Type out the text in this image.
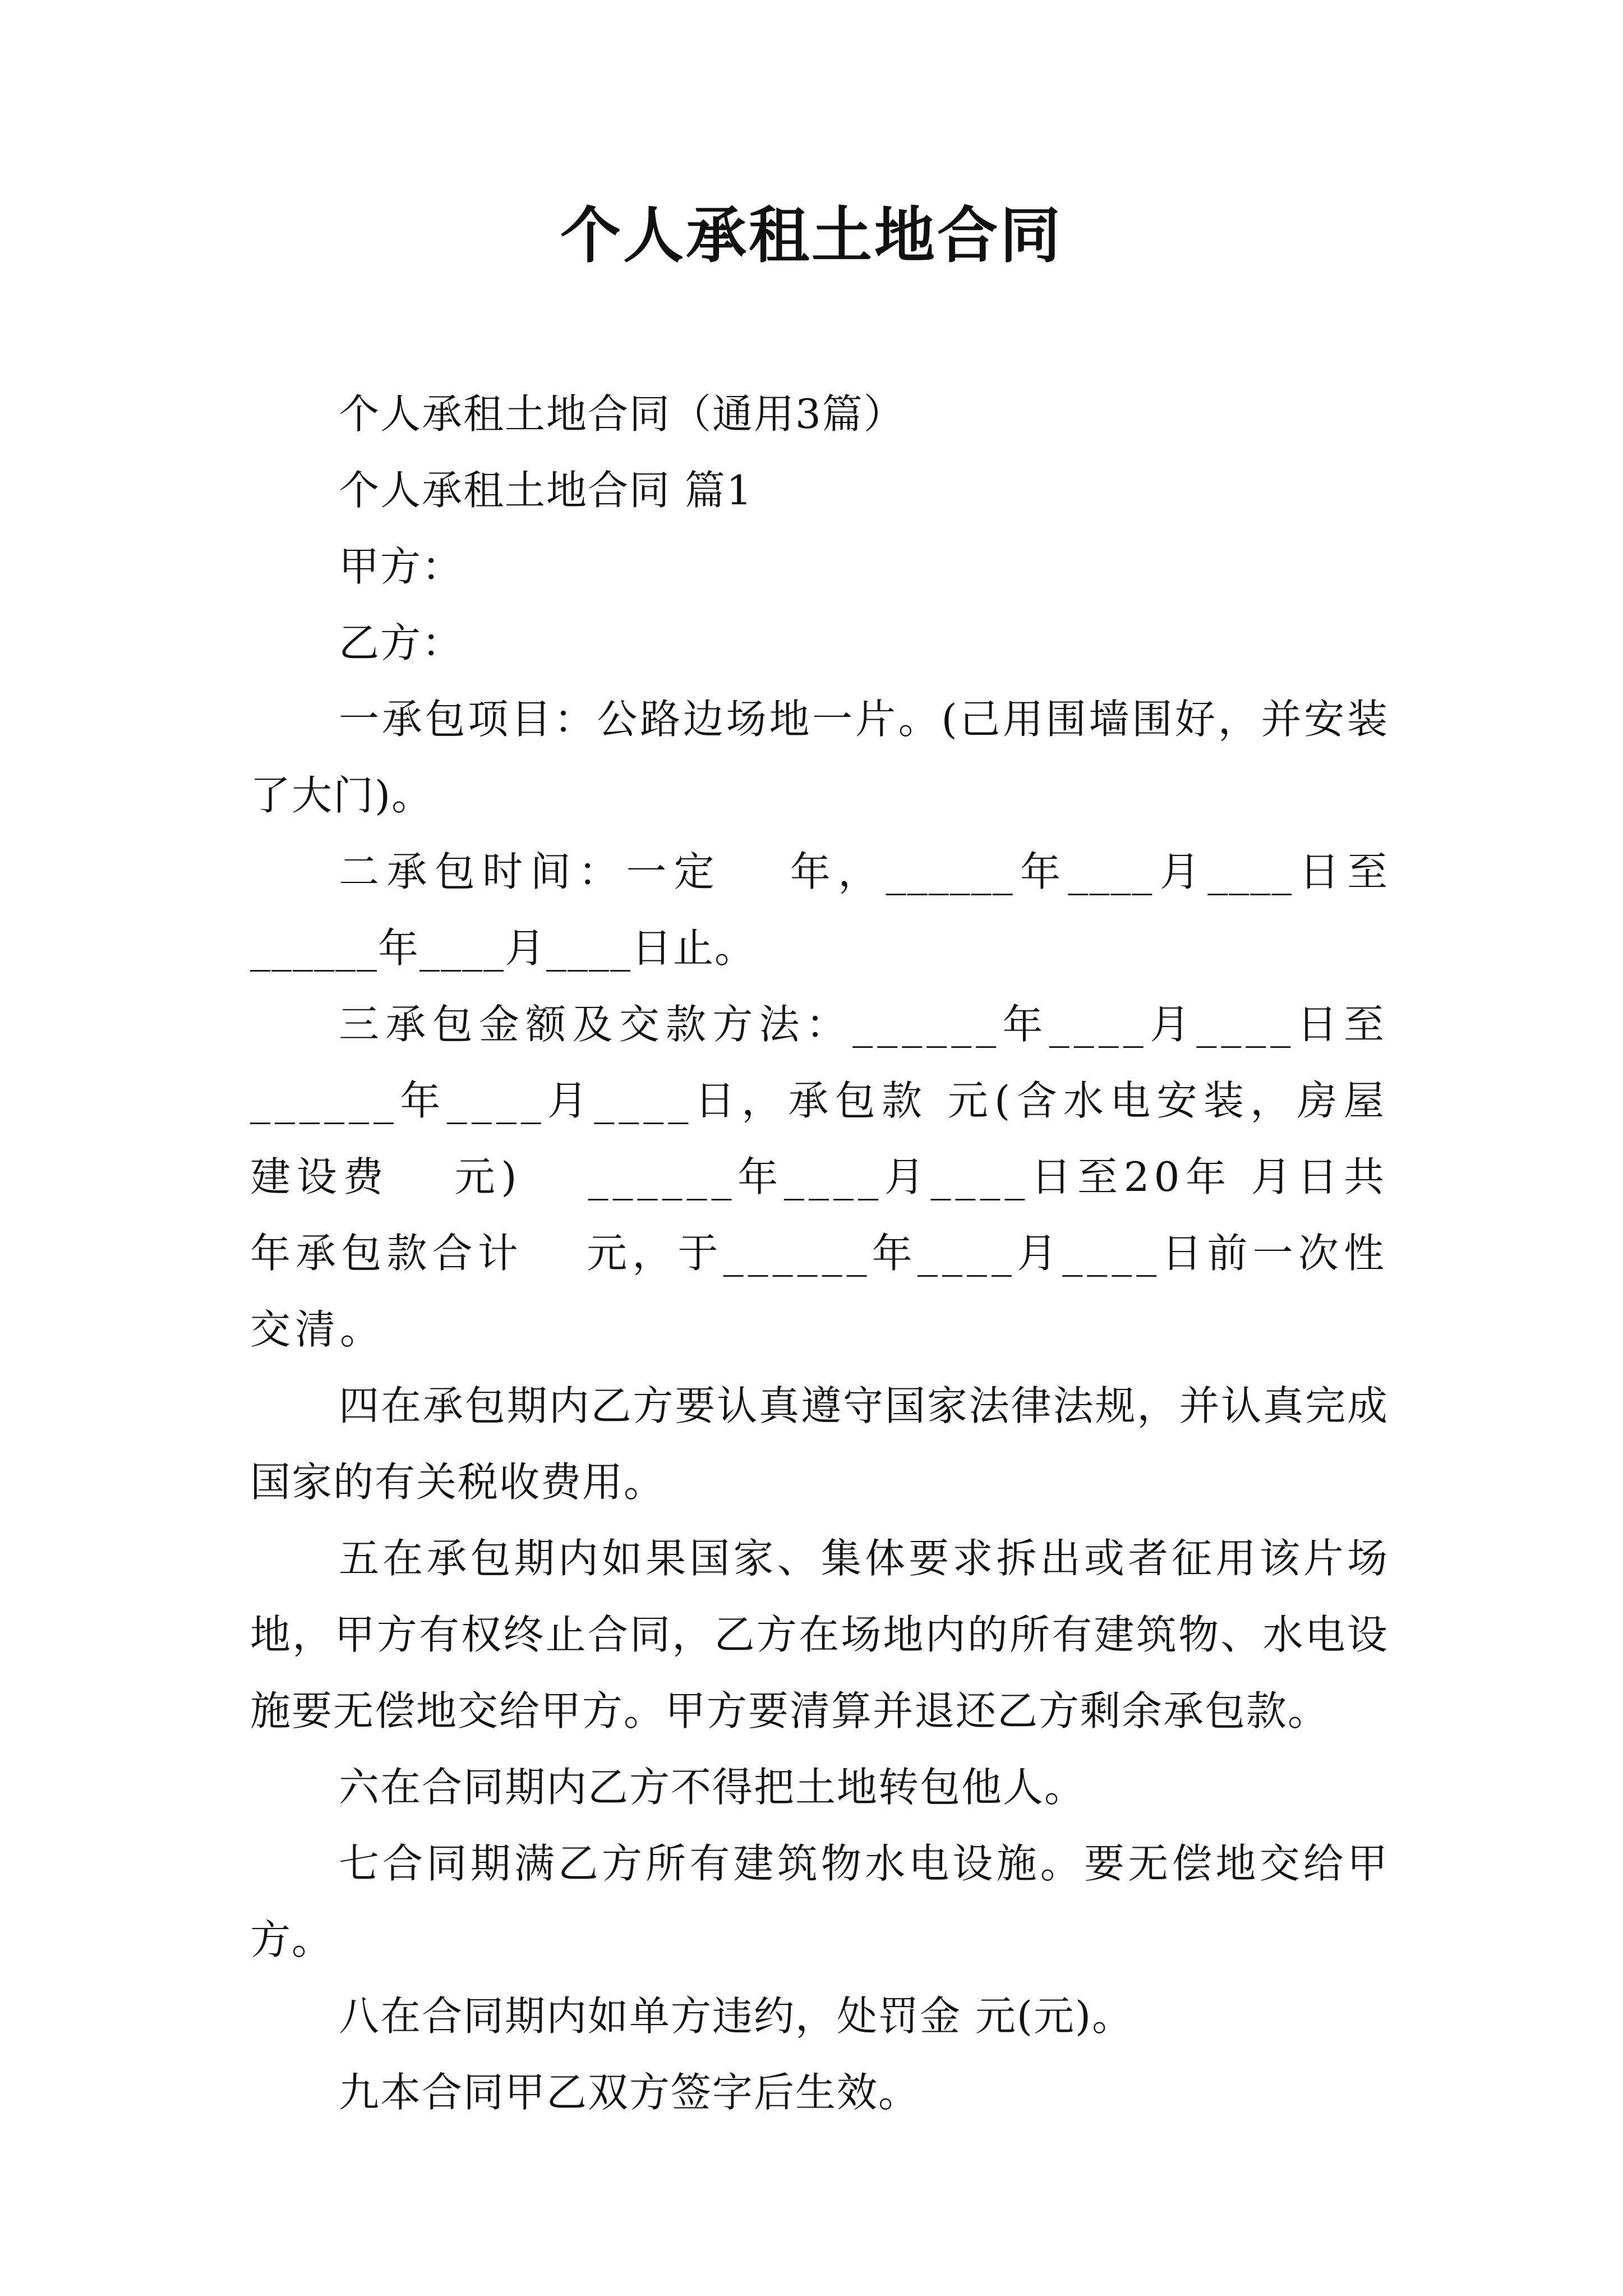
个人承租土地合同

个人承租土地合同（通用3篇）

个人承租土地合同 篇1

甲方：

乙方：

一承包项目：公路边场地一片。(己用围墙围好，并安装了大门)。

二承包时间：一定　 年，______年____月____日至______年____月____日止。

三承包金额及交款方法：______年____月____日至______年____月____日，承包款 元(含水电安装，房屋建设费　 元)　 ______年____月____日至20年 月日共　 年承包款合计　 元，于______年____月____日前一次性交清。

四在承包期内乙方要认真遵守国家法律法规，并认真完成国家的有关税收费用。

五在承包期内如果国家、集体要求拆出或者征用该片场地，甲方有权终止合同，乙方在场地内的所有建筑物、水电设施要无偿地交给甲方。甲方要清算并退还乙方剩余承包款。

六在合同期内乙方不得把土地转包他人。

七合同期满乙方所有建筑物水电设施。要无偿地交给甲方。

八在合同期内如单方违约，处罚金 元(元)。

九本合同甲乙双方签字后生效。
